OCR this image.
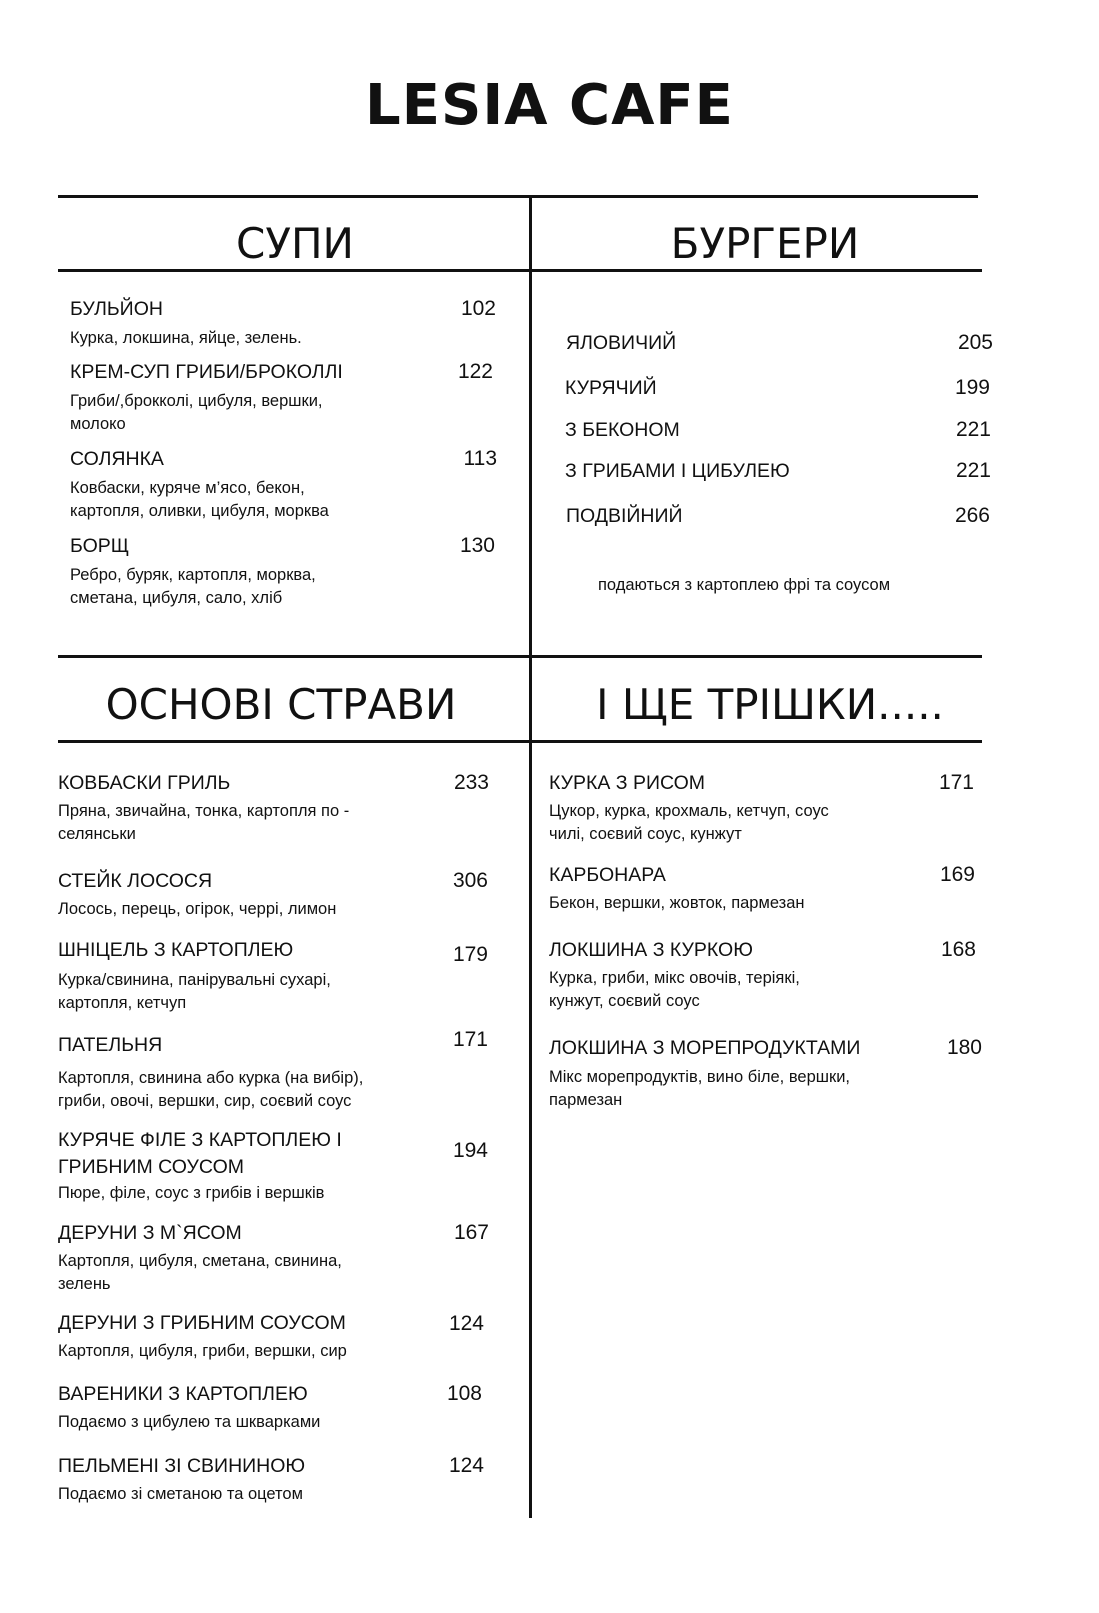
LESIA CAFE
СУПИ	БУРГЕРИ
ОСНОВІ СТРАВИ	І ЩЕ ТРІШКИ.....
БУЛЬЙОН	102
Курка, локшина, яйце, зелень.
КРЕМ-СУП ГРИБИ/БРОКОЛЛІ	122
Гриби/,брокколі, цибуля, вершки,
молоко
СОЛЯНКА	113
Ковбаски, куряче м’ясо, бекон,
картопля, оливки, цибуля, морква
БОРЩ	130
Ребро, буряк, картопля, морква,
сметана, цибуля, сало, хліб
ЯЛОВИЧИЙ	205
КУРЯЧИЙ	199
З БЕКОНОМ	221
З ГРИБАМИ І ЦИБУЛЕЮ	221
ПОДВІЙНИЙ	266
подаються з картоплею фрі та соусом
КОВБАСКИ ГРИЛЬ	233
Пряна, звичайна, тонка, картопля по -
селянськи
СТЕЙК ЛОСОСЯ	306
Лосось, перець, огірок, черрі, лимон
ШНІЦЕЛЬ З КАРТОПЛЕЮ	179
Курка/свинина, панірувальні сухарі,
картопля, кетчуп
ПАТЕЛЬНЯ	171
Картопля, свинина або курка (на вибір),
гриби, овочі, вершки, сир, соєвий соус
КУРЯЧЕ ФІЛЕ З КАРТОПЛЕЮ І
ГРИБНИМ СОУСОМ
194
Пюре, філе, соус з грибів і вершків
ДЕРУНИ З М`ЯСОМ	167
Картопля, цибуля, сметана, свинина,
зелень
ДЕРУНИ З ГРИБНИМ СОУСОМ	124
Картопля, цибуля, гриби, вершки, сир
ВАРЕНИКИ З КАРТОПЛЕЮ	108
Подаємо з цибулею та шкварками
ПЕЛЬМЕНІ ЗІ СВИНИНОЮ	124
Подаємо зі сметаною та оцетом
КУРКА З РИСОМ	171
Цукор, курка, крохмаль, кетчуп, соус
чилі, соєвий соус, кунжут
КАРБОНАРА	169
Бекон, вершки, жовток, пармезан
ЛОКШИНА З КУРКОЮ	168
Курка, гриби, мікс овочів, теріякі,
кунжут, соєвий соус
ЛОКШИНА З МОРЕПРОДУКТАМИ	180
Мікс морепродуктів, вино біле, вершки,
пармезан
